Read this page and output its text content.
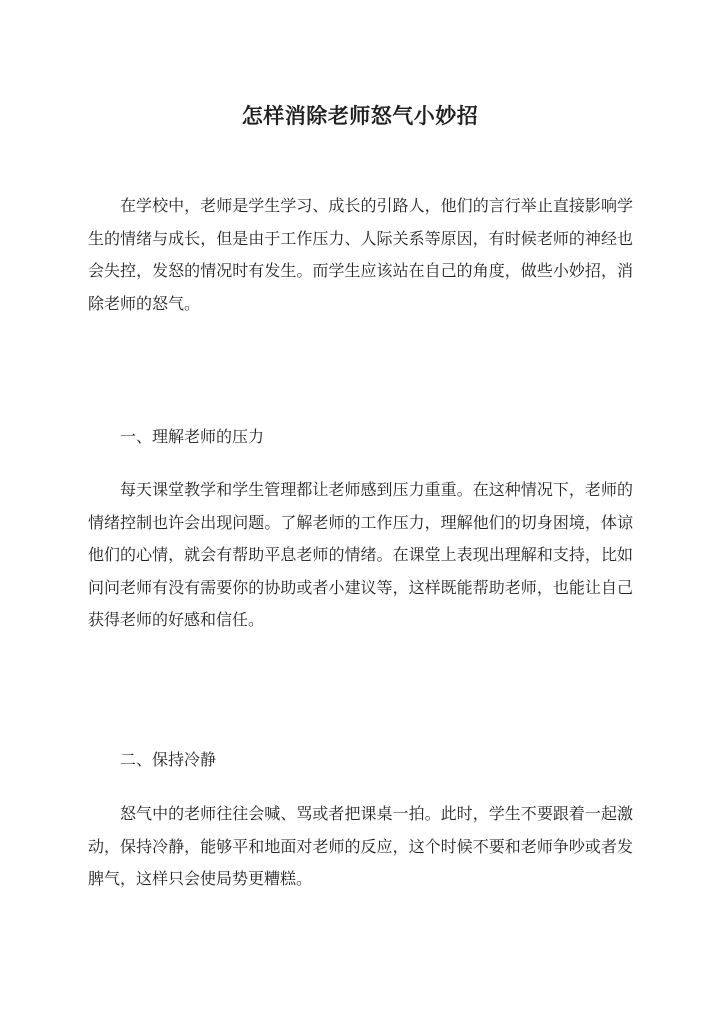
怎样消除老师怒气小妙招

在学校中，老师是学生学习、成长的引路人，他们的言行举止直接影响学生的情绪与成长，但是由于工作压力、人际关系等原因，有时候老师的神经也会失控，发怒的情况时有发生。而学生应该站在自己的角度，做些小妙招，消除老师的怒气。

一、理解老师的压力

每天课堂教学和学生管理都让老师感到压力重重。在这种情况下，老师的情绪控制也许会出现问题。了解老师的工作压力，理解他们的切身困境，体谅他们的心情，就会有帮助平息老师的情绪。在课堂上表现出理解和支持，比如问问老师有没有需要你的协助或者小建议等，这样既能帮助老师，也能让自己获得老师的好感和信任。

二、保持冷静

怒气中的老师往往会喊、骂或者把课桌一拍。此时，学生不要跟着一起激动，保持冷静，能够平和地面对老师的反应，这个时候不要和老师争吵或者发脾气，这样只会使局势更糟糕。
